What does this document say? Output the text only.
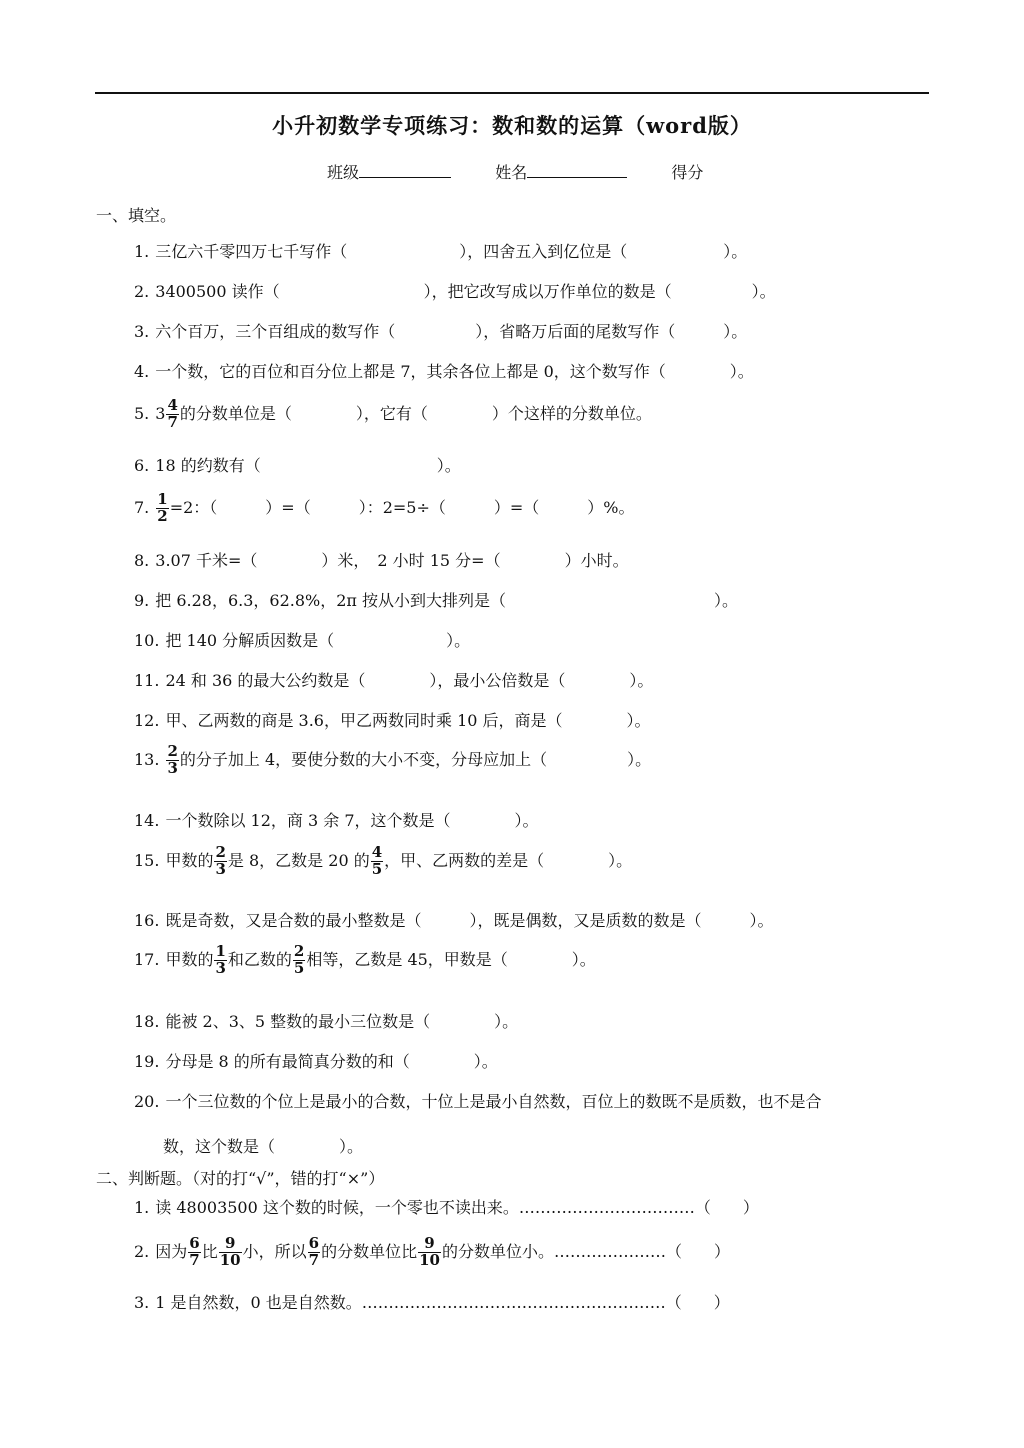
小升初数学专项练习：数和数的运算（word版）
班级	姓名	得分
一、填空。
1. 三亿六千零四万七千写作（　　　　　　　），四舍五入到亿位是（　　　　　　）。
2. 3400500 读作（　　　　　　　　　），把它改写成以万作单位的数是（　　　　　）。
3. 六个百万，三个百组成的数写作（　　　　　），省略万后面的尾数写作（　　　）。
4. 一个数，它的百位和百分位上都是 7，其余各位上都是 0，这个数写作（　　　　）。
5. $3 \frac{4}{7}$ 的分数单位是（　　　　），它有（　　　　）个这样的分数单位。
6. 18 的约数有（　　　　　　　　　　　）。
7. $\frac{1}{2} =2$：（　　　）=（　　　）：2=5÷（　　　）=（　　　）%。
8. 3.07 千米=（　　　　）米，　2 小时 15 分=（　　　　）小时。
9. 把 6.28，6.3，62.8%，2π 按从小到大排列是（　　　　　　　　　　　　　）。
10. 把 140 分解质因数是（　　　　　　　）。
11. 24 和 36 的最大公约数是（　　　　），最小公倍数是（　　　　）。
12. 甲、乙两数的商是 3.6，甲乙两数同时乘 10 后，商是（　　　　）。
13. $\frac{2}{3}$ 的分子加上 4，要使分数的大小不变，分母应加上（　　　　　）。
14. 一个数除以 12，商 3 余 7，这个数是（　　　　）。
15. 甲数的 $\frac{2}{3}$ 是 8，乙数是 20 的 $\frac{4}{5}$ ，甲、乙两数的差是（　　　　）。
16. 既是奇数，又是合数的最小整数是（　　　），既是偶数，又是质数的数是（　　　）。
17. 甲数的 $\frac{1}{3}$ 和乙数的 $\frac{2}{5}$ 相等，乙数是 45，甲数是（　　　　）。
18. 能被 2、3、5 整数的最小三位数是（　　　　）。
19. 分母是 8 的所有最简真分数的和（　　　　）。
20. 一个三位数的个位上是最小的合数，十位上是最小自然数，百位上的数既不是质数，也不是合
数，这个数是（　　　　）。
二、判断题。（对的打“√”，错的打“×”）
1. 读 48003500 这个数的时候，一个零也不读出来。……………………………（　　）
2. 因为 $\frac{6}{7}$ 比 $\frac{9}{10}$ 小，所以 $\frac{6}{7}$ 的分数单位比 $\frac{9}{10}$ 的分数单位小。…………………（　　）
3. 1 是自然数，0 也是自然数。…………………………………………………（　　）
